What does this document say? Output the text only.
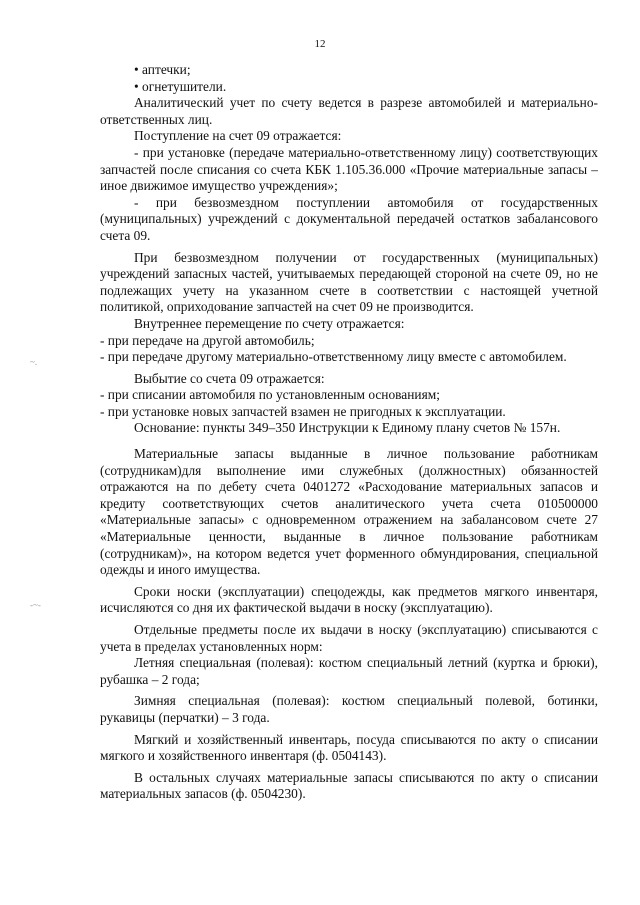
12
~.
-~-

• аптечки;

• огнетушители.

Аналитический учет по счету ведется в разрезе автомобилей и материально-ответственных лиц.

Поступление на счет 09 отражается:

- при установке (передаче материально-ответственному лицу) соответствующих запчастей после списания со счета КБК 1.105.36.000 «Прочие материальные запасы – иное движимое имущество учреждения»;

- при безвозмездном поступлении автомобиля от государственных (муниципальных) учреждений с документальной передачей остатков забалансового счета 09.

При безвозмездном получении от государственных (муниципальных) учреждений запасных частей, учитываемых передающей стороной на счете 09, но не подлежащих учету на указанном счете в соответствии с настоящей учетной политикой, оприходование запчастей на счет 09 не производится.

Внутреннее перемещение по счету отражается:

- при передаче на другой автомобиль;

- при передаче другому материально-ответственному лицу вместе с автомобилем.

Выбытие со счета 09 отражается:

- при списании автомобиля по установленным основаниям;

- при установке новых запчастей взамен не пригодных к эксплуатации.

Основание: пункты 349–350 Инструкции к Единому плану счетов № 157н.

Материальные запасы выданные в личное пользование работникам (сотрудникам)для выполнение ими служебных (должностных) обязанностей отражаются на по дебету счета 0401272 «Расходование материальных запасов и кредиту соответствующих счетов аналитического учета счета 010500000 «Материальные запасы» с одновременном отражением на забалансовом счете 27 «Материальные ценности, выданные в личное пользование работникам (сотрудникам)», на котором ведется учет форменного обмундирования, специальной одежды и иного имущества.

Сроки носки (эксплуатации) спецодежды, как предметов мягкого инвентаря, исчисляются со дня их фактической выдачи в носку (эксплуатацию).

Отдельные предметы после их выдачи в носку (эксплуатацию) списываются с учета в пределах установленных норм:

Летняя специальная (полевая): костюм специальный летний (куртка и брюки), рубашка – 2 года;

Зимняя специальная (полевая): костюм специальный полевой, ботинки, рукавицы (перчатки) – 3 года.

Мягкий и хозяйственный инвентарь, посуда списываются по акту о списании мягкого и хозяйственного инвентаря (ф. 0504143).

В остальных случаях материальные запасы списываются по акту о списании материальных запасов (ф. 0504230).
